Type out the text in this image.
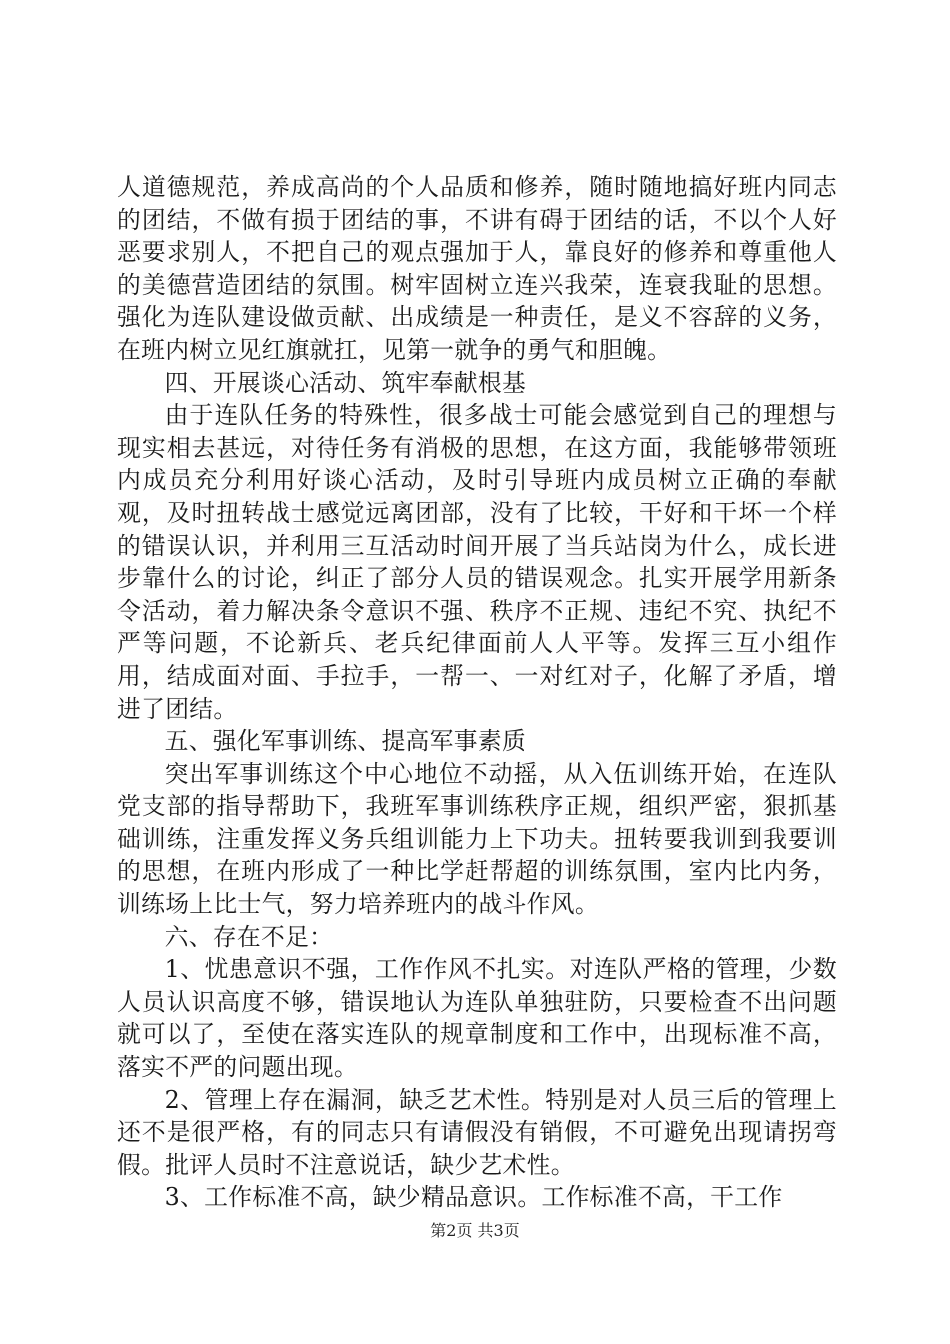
人道德规范，养成高尚的个人品质和修养，随时随地搞好班内同志的团结，不做有损于团结的事，不讲有碍于团结的话，不以个人好恶要求别人，不把自己的观点强加于人，靠良好的修养和尊重他人的美德营造团结的氛围。树牢固树立连兴我荣，连衰我耻的思想。强化为连队建设做贡献、出成绩是一种责任，是义不容辞的义务，在班内树立见红旗就扛，见第一就争的勇气和胆魄。

四、开展谈心活动、筑牢奉献根基

由于连队任务的特殊性，很多战士可能会感觉到自己的理想与现实相去甚远，对待任务有消极的思想，在这方面，我能够带领班内成员充分利用好谈心活动，及时引导班内成员树立正确的奉献观，及时扭转战士感觉远离团部，没有了比较，干好和干坏一个样的错误认识，并利用三互活动时间开展了当兵站岗为什么，成长进步靠什么的讨论，纠正了部分人员的错误观念。扎实开展学用新条令活动，着力解决条令意识不强、秩序不正规、违纪不究、执纪不严等问题，不论新兵、老兵纪律面前人人平等。发挥三互小组作用，结成面对面、手拉手，一帮一、一对红对子，化解了矛盾，增进了团结。

五、强化军事训练、提高军事素质

突出军事训练这个中心地位不动摇，从入伍训练开始，在连队党支部的指导帮助下，我班军事训练秩序正规，组织严密，狠抓基础训练，注重发挥义务兵组训能力上下功夫。扭转要我训到我要训的思想，在班内形成了一种比学赶帮超的训练氛围，室内比内务，训练场上比士气，努力培养班内的战斗作风。

六、存在不足：

1、忧患意识不强，工作作风不扎实。对连队严格的管理，少数人员认识高度不够，错误地认为连队单独驻防，只要检查不出问题就可以了，至使在落实连队的规章制度和工作中，出现标准不高，落实不严的问题出现。

2、管理上存在漏洞，缺乏艺术性。特别是对人员三后的管理上还不是很严格，有的同志只有请假没有销假，不可避免出现请拐弯假。批评人员时不注意说话，缺少艺术性。

3、工作标准不高，缺少精品意识。工作标准不高，干工作

第2页 共3页
